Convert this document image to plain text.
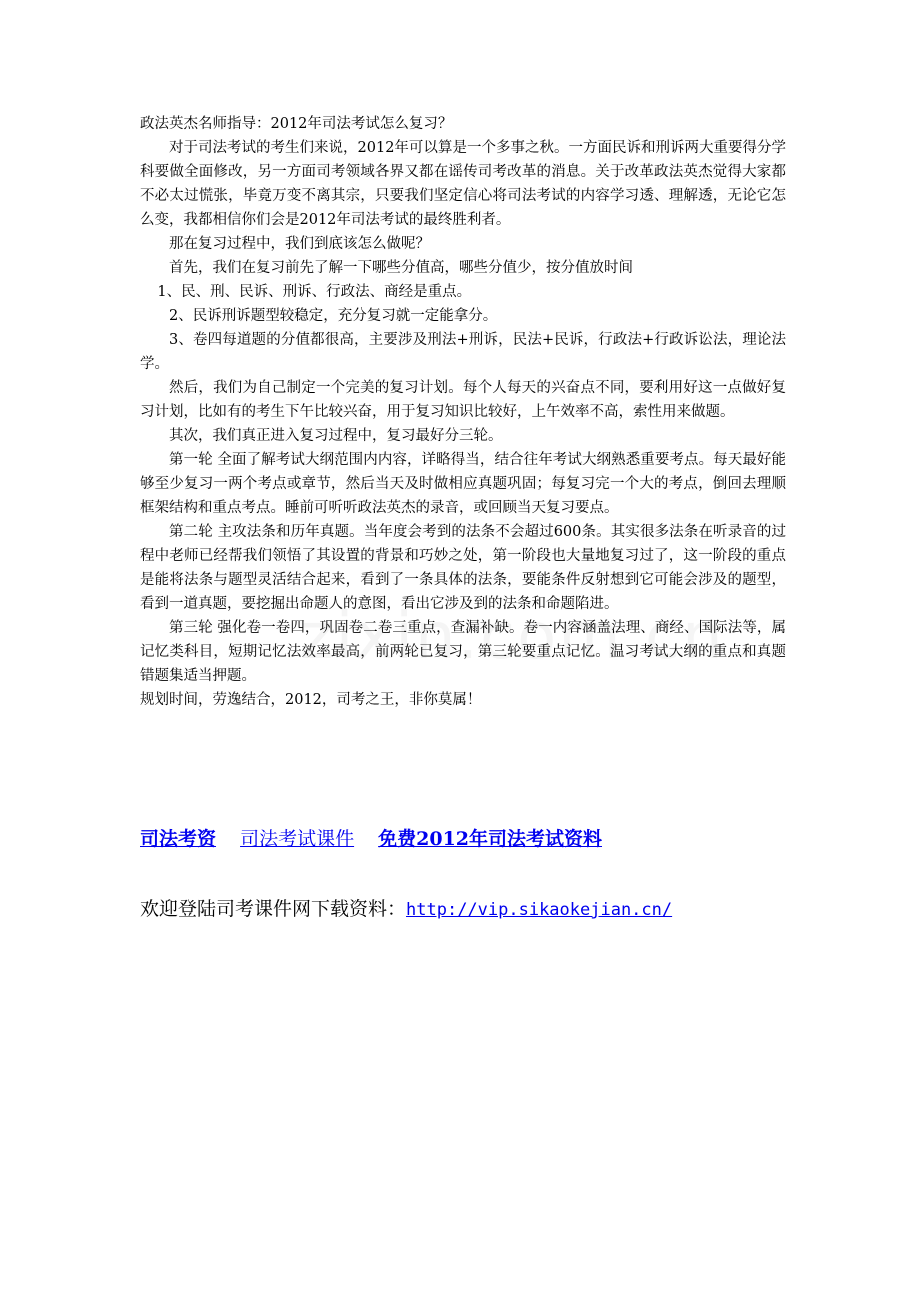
政法英杰名师指导：2012年司法考试怎么复习？

对于司法考试的考生们来说，2012年可以算是一个多事之秋。一方面民诉和刑诉两大重要得分学科要做全面修改，另一方面司考领域各界又都在谣传司考改革的消息。关于改革政法英杰觉得大家都不必太过慌张，毕竟万变不离其宗，只要我们坚定信心将司法考试的内容学习透、理解透，无论它怎么变，我都相信你们会是2012年司法考试的最终胜利者。

那在复习过程中，我们到底该怎么做呢？

首先，我们在复习前先了解一下哪些分值高，哪些分值少，按分值放时间

1、民、刑、民诉、刑诉、行政法、商经是重点。

2、民诉刑诉题型较稳定，充分复习就一定能拿分。

3、卷四每道题的分值都很高，主要涉及刑法+刑诉，民法+民诉，行政法+行政诉讼法，理论法学。

然后，我们为自己制定一个完美的复习计划。每个人每天的兴奋点不同，要利用好这一点做好复习计划，比如有的考生下午比较兴奋，用于复习知识比较好，上午效率不高，索性用来做题。

其次，我们真正进入复习过程中，复习最好分三轮。

第一轮 全面了解考试大纲范围内内容，详略得当，结合往年考试大纲熟悉重要考点。每天最好能够至少复习一两个考点或章节，然后当天及时做相应真题巩固；每复习完一个大的考点，倒回去理顺框架结构和重点考点。睡前可听听政法英杰的录音，或回顾当天复习要点。

第二轮 主攻法条和历年真题。当年度会考到的法条不会超过600条。其实很多法条在听录音的过程中老师已经帮我们领悟了其设置的背景和巧妙之处，第一阶段也大量地复习过了，这一阶段的重点是能将法条与题型灵活结合起来，看到了一条具体的法条，要能条件反射想到它可能会涉及的题型，看到一道真题，要挖掘出命题人的意图，看出它涉及到的法条和命题陷进。

第三轮 强化卷一卷四，巩固卷二卷三重点，查漏补缺。卷一内容涵盖法理、商经、国际法等，属记忆类科目，短期记忆法效率最高，前两轮已复习，第三轮要重点记忆。温习考试大纲的重点和真题错题集适当押题。

规划时间，劳逸结合，2012，司考之王，非你莫属！

司法考资 司法考试课件 免费2012年司法考试资料
欢迎登陆司考课件网下载资料：http://vip.sikaokejian.cn/
